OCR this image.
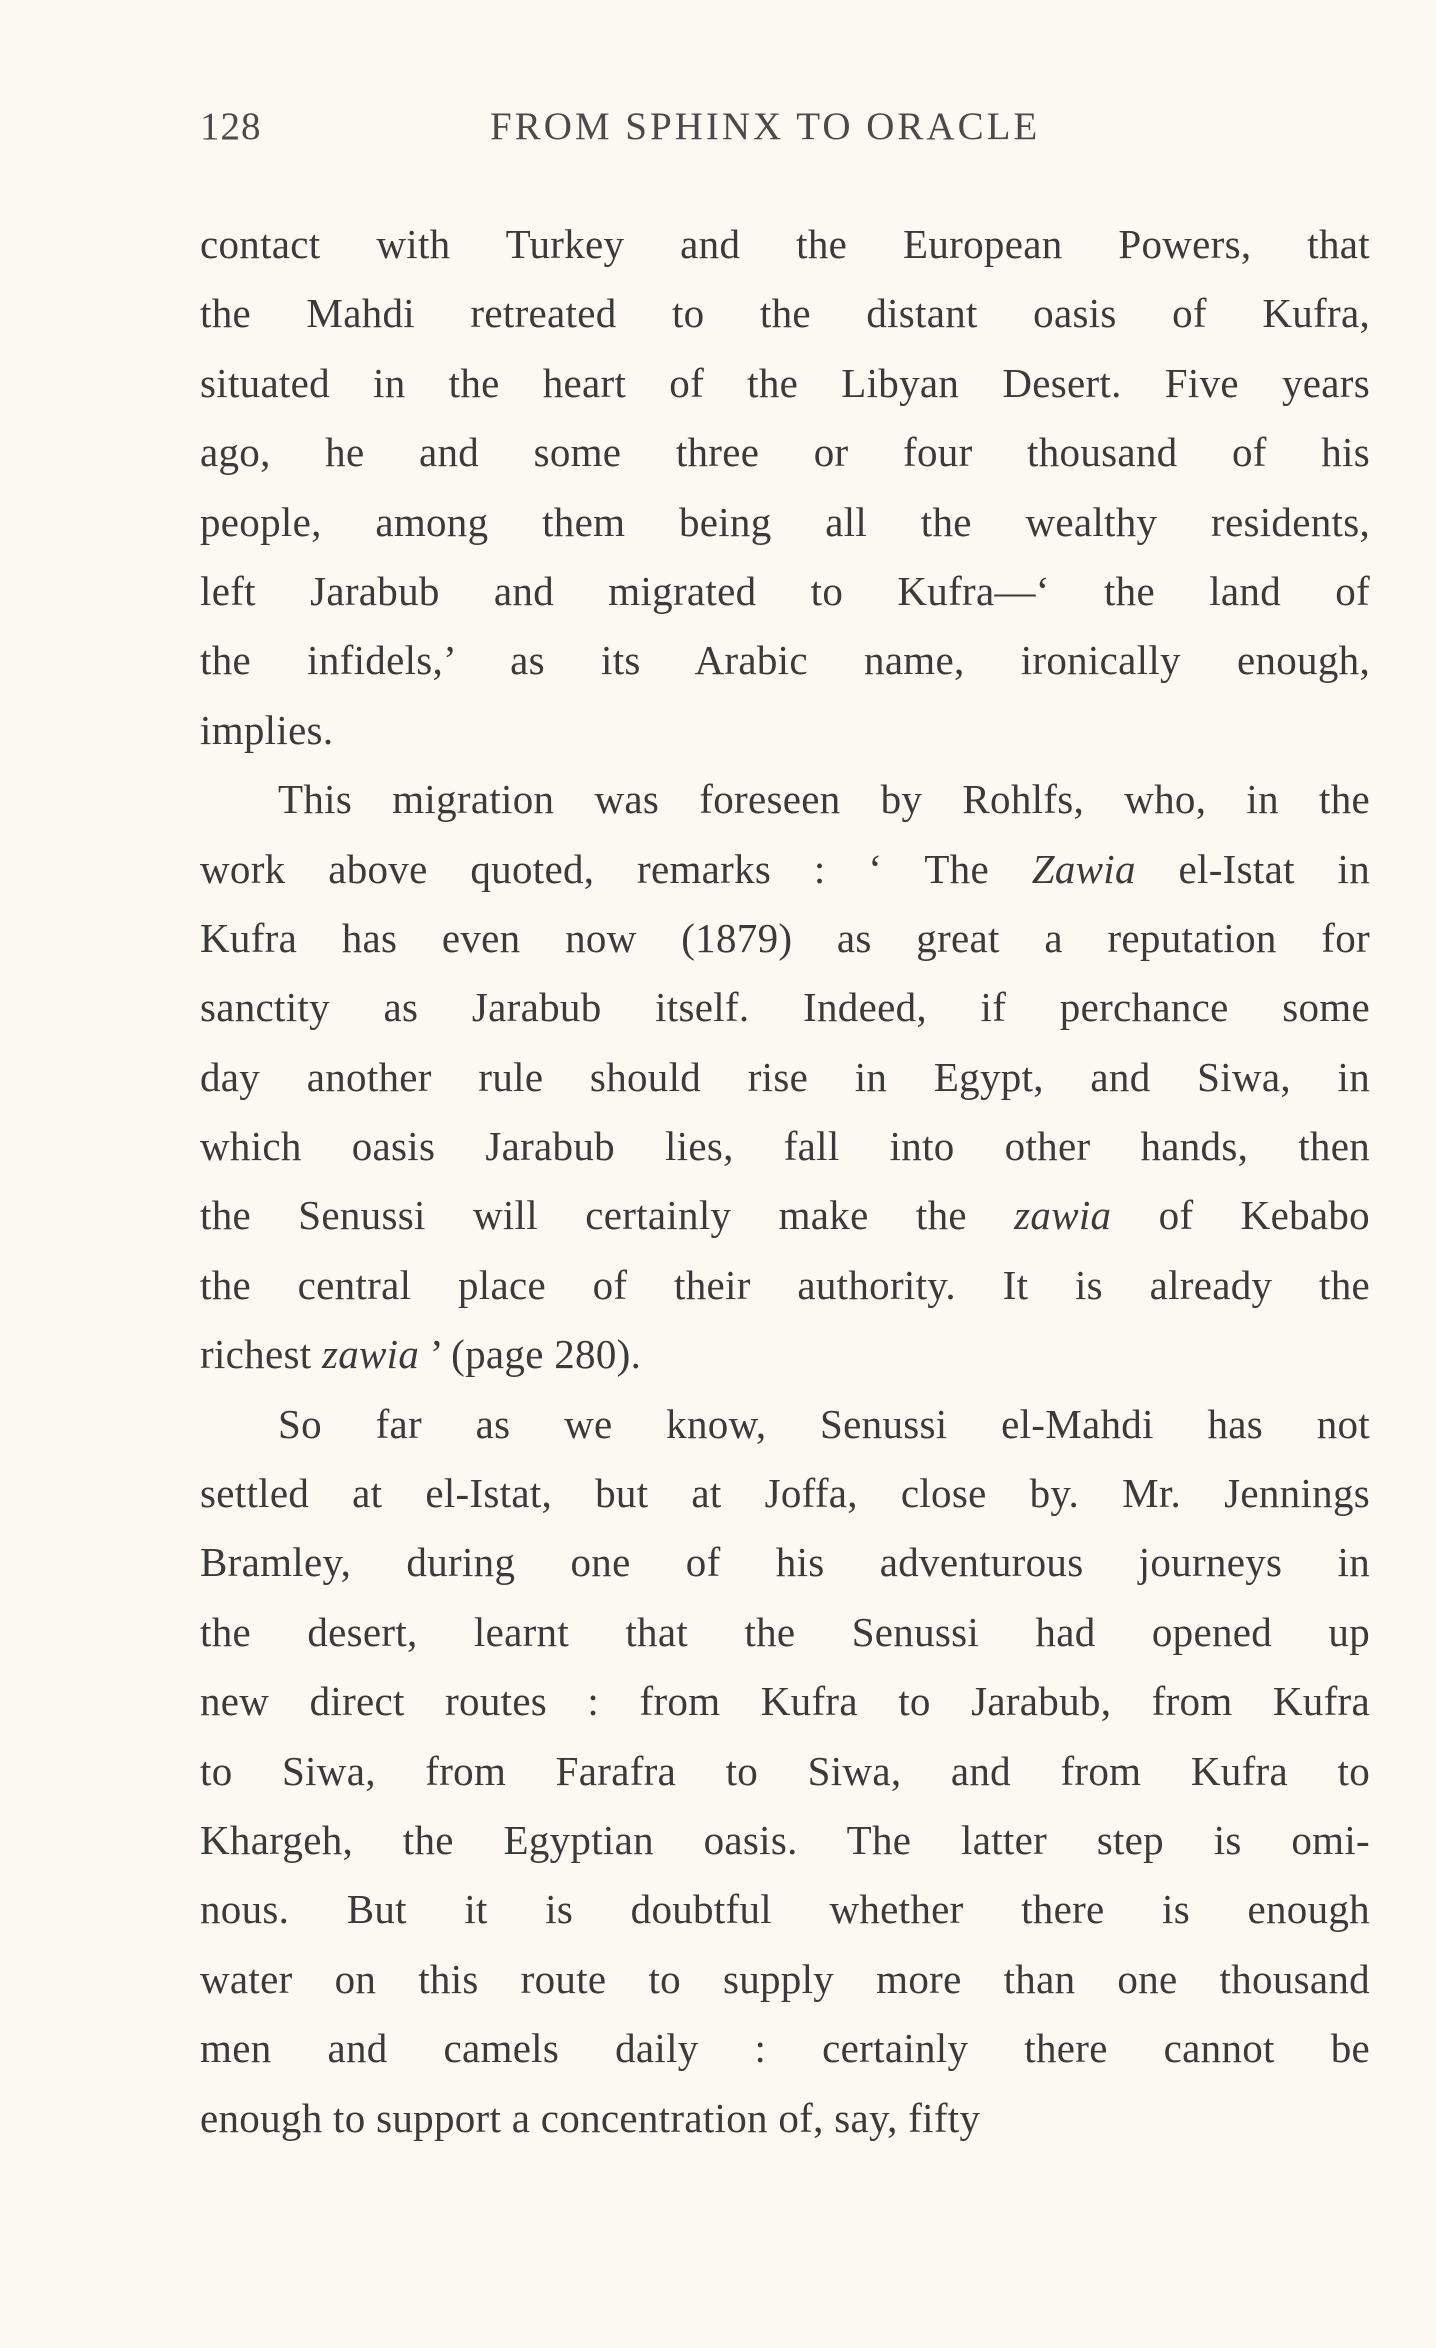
128	FROM SPHINX TO ORACLE
contact with Turkey and the European Powers, that
the Mahdi retreated to the distant oasis of Kufra,
situated in the heart of the Libyan Desert. Five years
ago, he and some three or four thousand of his
people, among them being all the wealthy residents,
left Jarabub and migrated to Kufra—‘ the land of
the infidels,’ as its Arabic name, ironically enough,
implies.
This migration was foreseen by Rohlfs, who, in the
work above quoted, remarks : ‘ The Zawia el-Istat in
Kufra has even now (1879) as great a reputation for
sanctity as Jarabub itself. Indeed, if perchance some
day another rule should rise in Egypt, and Siwa, in
which oasis Jarabub lies, fall into other hands, then
the Senussi will certainly make the zawia of Kebabo
the central place of their authority. It is already the
richest zawia ’ (page 280).
So far as we know, Senussi el-Mahdi has not
settled at el-Istat, but at Joffa, close by. Mr. Jennings
Bramley, during one of his adventurous journeys in
the desert, learnt that the Senussi had opened up
new direct routes : from Kufra to Jarabub, from Kufra
to Siwa, from Farafra to Siwa, and from Kufra to
Khargeh, the Egyptian oasis. The latter step is omi-
nous. But it is doubtful whether there is enough
water on this route to supply more than one thousand
men and camels daily : certainly there cannot be
enough to support a concentration of, say, fifty
